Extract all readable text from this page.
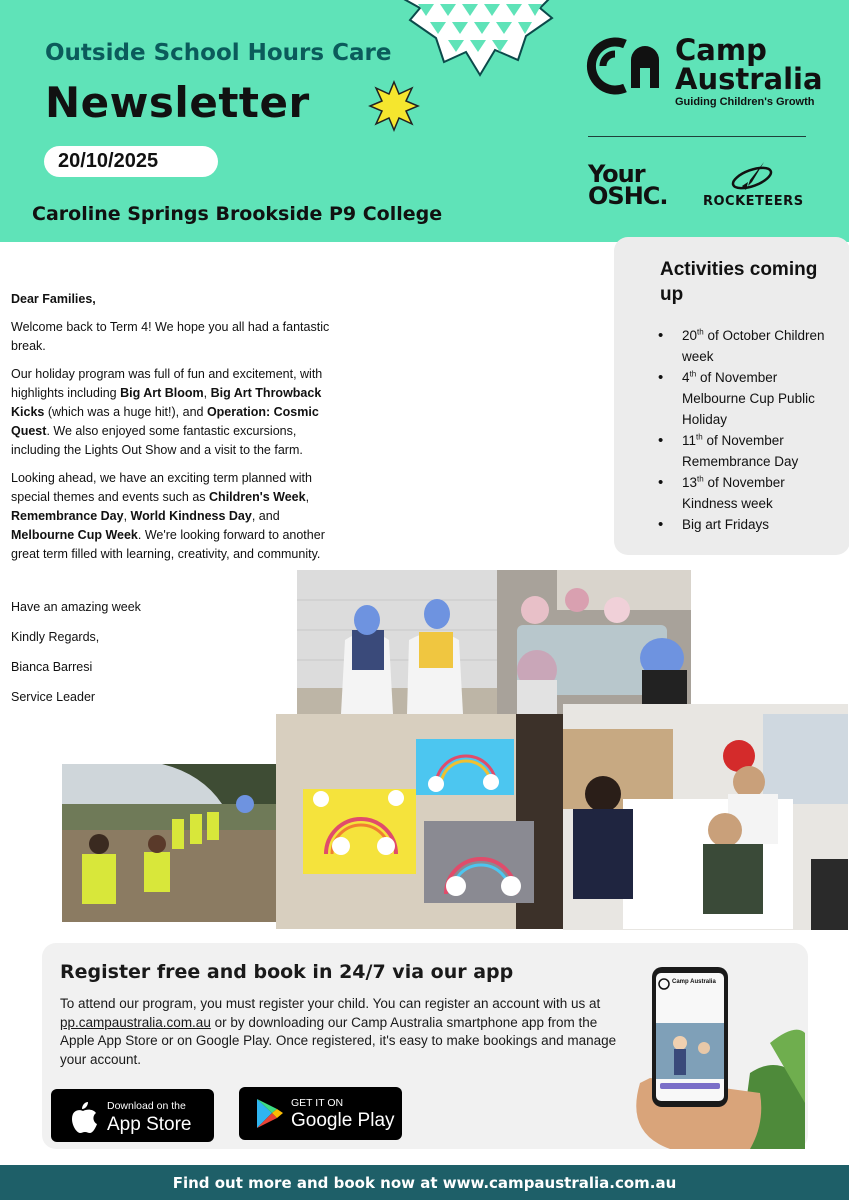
Outside School Hours Care
Newsletter
20/10/2025
Caroline Springs Brookside P9 College
Camp
Australia
Guiding Children's Growth
Your
OSHC.	ROCKETEERS

Dear Families,

Welcome back to Term 4! We hope you all had a fantastic break.

Our holiday program was full of fun and excitement, with highlights including Big Art Bloom, Big Art Throwback Kicks (which was a huge hit!), and Operation: Cosmic Quest. We also enjoyed some fantastic excursions, including the Lights Out Show and a visit to the farm.

Looking ahead, we have an exciting term planned with special themes and events such as Children's Week, Remembrance Day, World Kindness Day, and Melbourne Cup Week. We're looking forward to another great term filled with learning, creativity, and community.

Have an amazing week

Kindly Regards,

Bianca Barresi

Service Leader

Activities coming up
• 20th of October Children week
• 4th of November Melbourne Cup Public Holiday
• 11th of November Remembrance Day
• 13th of November Kindness week
• Big art Fridays
Register free and book in 24/7 via our app
To attend our program, you must register your child. You can register an account with us at pp.campaustralia.com.au or by downloading our Camp Australia smartphone app from the Apple App Store or on Google Play. Once registered, it's easy to make bookings and manage your account.
Download on the
App Store
GET IT ON
Google Play
Camp Australia
Find out more and book now at www.campaustralia.com.au
